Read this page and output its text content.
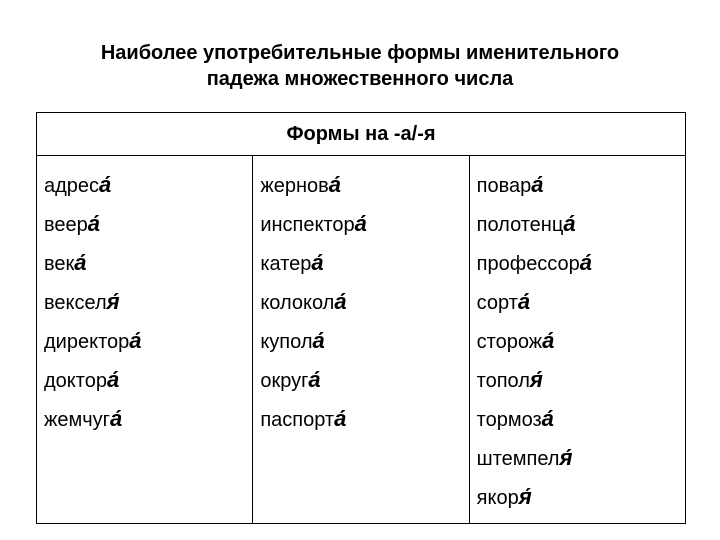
Наиболее употребительные формы именительного
падежа множественного числа
Формы на -а/-я

адреса́
веера́
века́
векселя́
директора́
доктора́
жемчуга́

жернова́
инспектора́
катера́
колокола́
купола́
округа́
паспорта́

повара́
полотенца́
профессора́
сорта́
сторожа́
тополя́
тормоза́
штемпеля́
якоря́
